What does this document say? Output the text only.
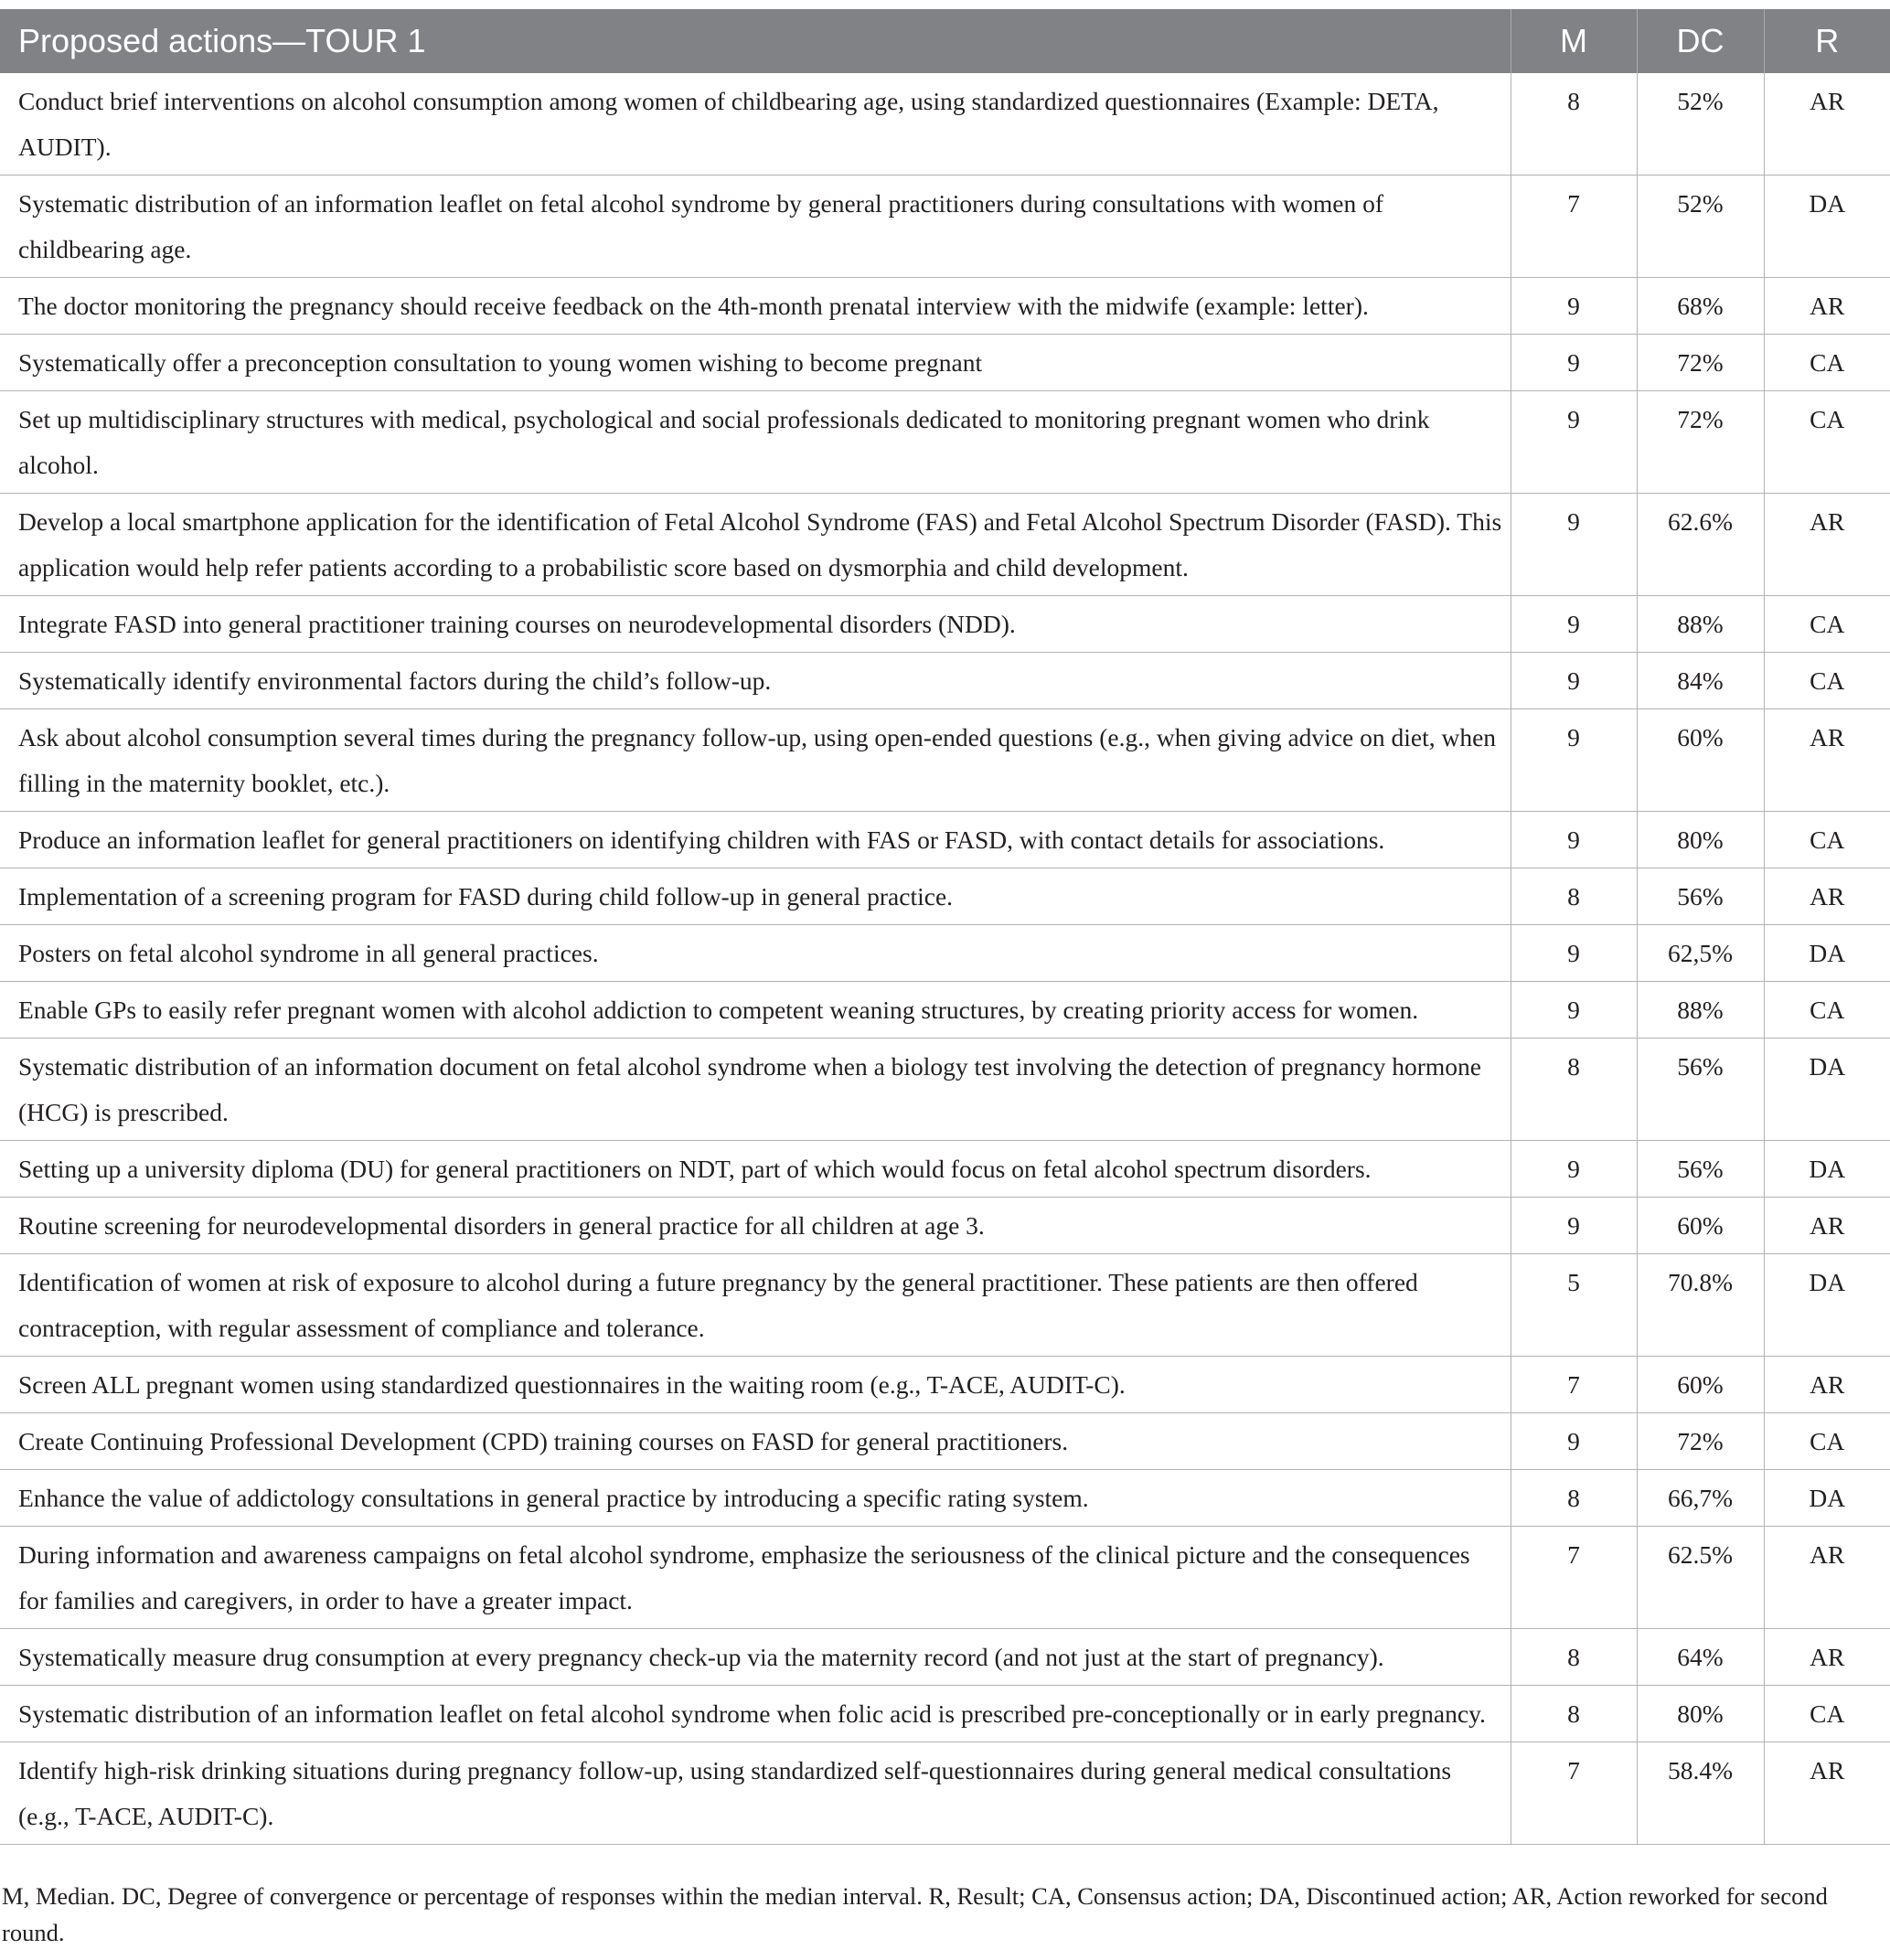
Proposed actions—TOUR 1	M	DC	R
Conduct brief interventions on alcohol consumption among women of childbearing age, using standardized questionnaires (Example: DETA, AUDIT).	8	52%	AR
Systematic distribution of an information leaflet on fetal alcohol syndrome by general practitioners during consultations with women of childbearing age.	7	52%	DA
The doctor monitoring the pregnancy should receive feedback on the 4th-month prenatal interview with the midwife (example: letter).	9	68%	AR
Systematically offer a preconception consultation to young women wishing to become pregnant	9	72%	CA
Set up multidisciplinary structures with medical, psychological and social professionals dedicated to monitoring pregnant women who drink alcohol.	9	72%	CA
Develop a local smartphone application for the identification of Fetal Alcohol Syndrome (FAS) and Fetal Alcohol Spectrum Disorder (FASD). This application would help refer patients according to a probabilistic score based on dysmorphia and child development.	9	62.6%	AR
Integrate FASD into general practitioner training courses on neurodevelopmental disorders (NDD).	9	88%	CA
Systematically identify environmental factors during the child’s follow-up.	9	84%	CA
Ask about alcohol consumption several times during the pregnancy follow-up, using open-ended questions (e.g., when giving advice on diet, when filling in the maternity booklet, etc.).	9	60%	AR
Produce an information leaflet for general practitioners on identifying children with FAS or FASD, with contact details for associations.	9	80%	CA
Implementation of a screening program for FASD during child follow-up in general practice.	8	56%	AR
Posters on fetal alcohol syndrome in all general practices.	9	62,5%	DA
Enable GPs to easily refer pregnant women with alcohol addiction to competent weaning structures, by creating priority access for women.	9	88%	CA
Systematic distribution of an information document on fetal alcohol syndrome when a biology test involving the detection of pregnancy hormone (HCG) is prescribed.	8	56%	DA
Setting up a university diploma (DU) for general practitioners on NDT, part of which would focus on fetal alcohol spectrum disorders.	9	56%	DA
Routine screening for neurodevelopmental disorders in general practice for all children at age 3.	9	60%	AR
Identification of women at risk of exposure to alcohol during a future pregnancy by the general practitioner. These patients are then offered contraception, with regular assessment of compliance and tolerance.	5	70.8%	DA
Screen ALL pregnant women using standardized questionnaires in the waiting room (e.g., T-ACE, AUDIT-C).	7	60%	AR
Create Continuing Professional Development (CPD) training courses on FASD for general practitioners.	9	72%	CA
Enhance the value of addictology consultations in general practice by introducing a specific rating system.	8	66,7%	DA
During information and awareness campaigns on fetal alcohol syndrome, emphasize the seriousness of the clinical picture and the consequences for families and caregivers, in order to have a greater impact.	7	62.5%	AR
Systematically measure drug consumption at every pregnancy check-up via the maternity record (and not just at the start of pregnancy).	8	64%	AR
Systematic distribution of an information leaflet on fetal alcohol syndrome when folic acid is prescribed pre-conceptionally or in early pregnancy.	8	80%	CA
Identify high-risk drinking situations during pregnancy follow-up, using standardized self-questionnaires during general medical consultations (e.g., T-ACE, AUDIT-C).	7	58.4%	AR
M, Median. DC, Degree of convergence or percentage of responses within the median interval. R, Result; CA, Consensus action; DA, Discontinued action; AR, Action reworked for second round.
